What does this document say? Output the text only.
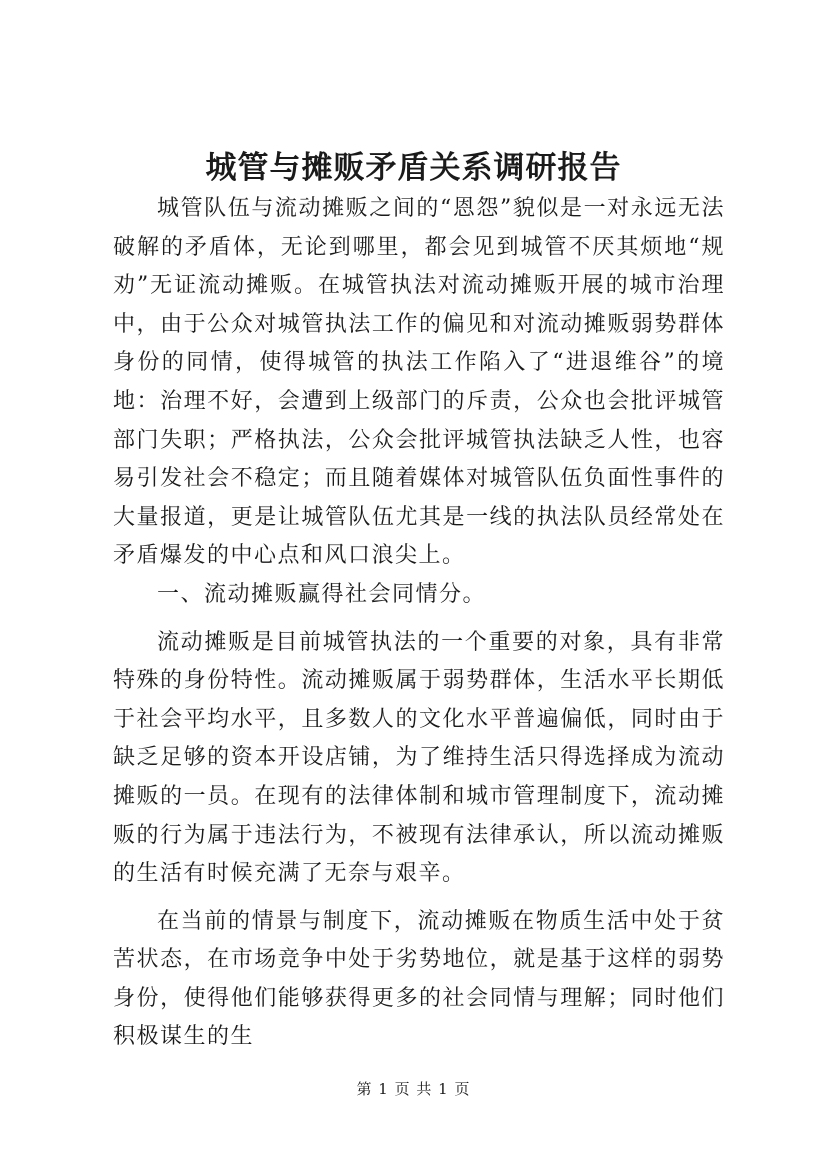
城管与摊贩矛盾关系调研报告

城管队伍与流动摊贩之间的“恩怨”貌似是一对永远无法破解的矛盾体，无论到哪里，都会见到城管不厌其烦地“规劝”无证流动摊贩。在城管执法对流动摊贩开展的城市治理中，由于公众对城管执法工作的偏见和对流动摊贩弱势群体身份的同情，使得城管的执法工作陷入了“进退维谷”的境地：治理不好，会遭到上级部门的斥责，公众也会批评城管部门失职；严格执法，公众会批评城管执法缺乏人性，也容易引发社会不稳定；而且随着媒体对城管队伍负面性事件的大量报道，更是让城管队伍尤其是一线的执法队员经常处在矛盾爆发的中心点和风口浪尖上。

一、流动摊贩赢得社会同情分。

流动摊贩是目前城管执法的一个重要的对象，具有非常特殊的身份特性。流动摊贩属于弱势群体，生活水平长期低于社会平均水平，且多数人的文化水平普遍偏低，同时由于缺乏足够的资本开设店铺，为了维持生活只得选择成为流动摊贩的一员。在现有的法律体制和城市管理制度下，流动摊贩的行为属于违法行为，不被现有法律承认，所以流动摊贩的生活有时候充满了无奈与艰辛。

在当前的情景与制度下，流动摊贩在物质生活中处于贫苦状态，在市场竞争中处于劣势地位，就是基于这样的弱势身份，使得他们能够获得更多的社会同情与理解；同时他们积极谋生的生

第 1 页 共 1 页
